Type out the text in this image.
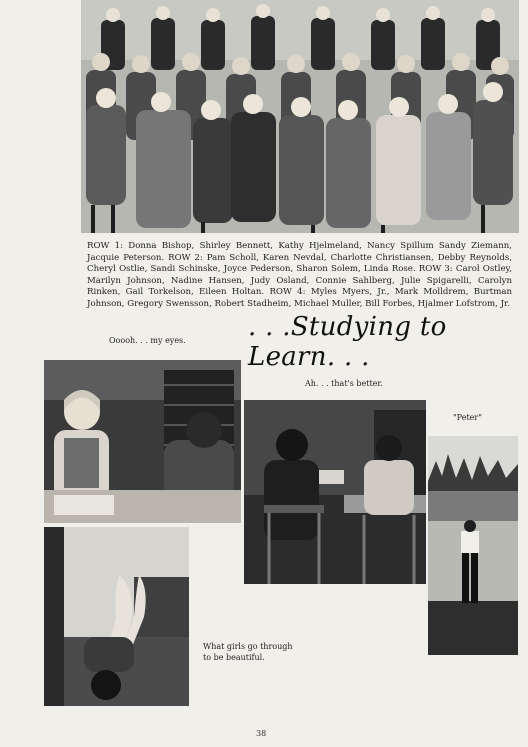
ROW 1: Donna Bishop, Shirley Bennett, Kathy Hjelmeland, Nancy Spillum Sandy Ziemann, Jacquie Peterson. ROW 2: Pam Scholl, Karen Nevdal, Charlotte Christiansen, Debby Reynolds, Cheryl Ostlie, Sandi Schinske, Joyce Pederson, Sharon Solem, Linda Rose. ROW 3: Carol Ostley, Marilyn Johnson, Nadine Hansen, Judy Osland, Connie Sahlberg, Julie Spigarelli, Carolyn Rinken, Gail Torkelson, Eileen Holtan. ROW 4: Myles Myers, Jr., Mark Molldrem, Burtman Johnson, Gregory Swensson, Robert Stadheim, Michael Muller, Bill Forbes, Hjalmer Lofstrom, Jr.
Ooooh. . . my eyes. . . .Studying to Learn. . .
Ah. . . that's better.
"Peter"
What girls go through
to be beautiful.
38
